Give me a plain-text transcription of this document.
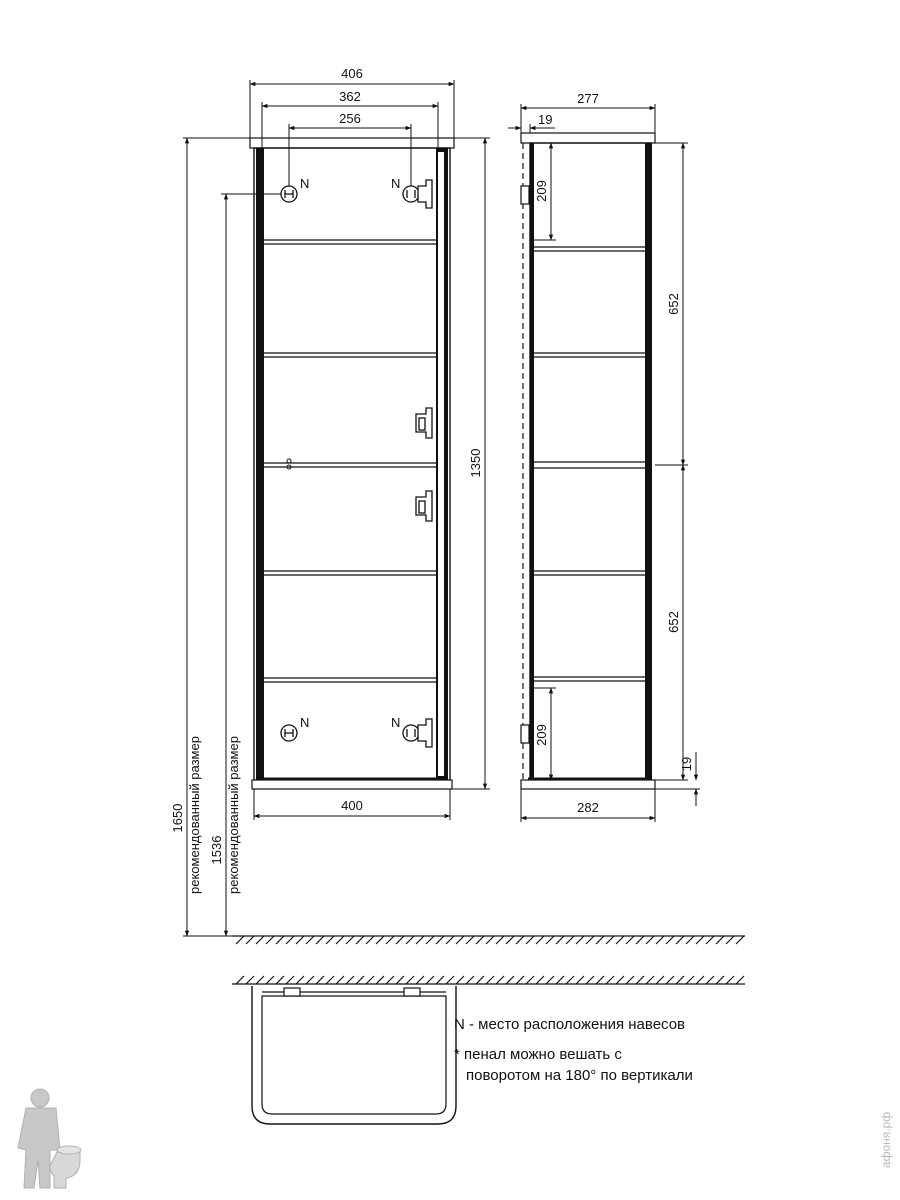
N	N
N	N
406
362
256
400
1350
1650 рекомендованный размер 1536 рекомендованный размер
277
19
209
652
652
209
19
282
N - место расположения навесов
* пенал можно вешать с
поворотом на 180° по вертикали
афоня.рф
